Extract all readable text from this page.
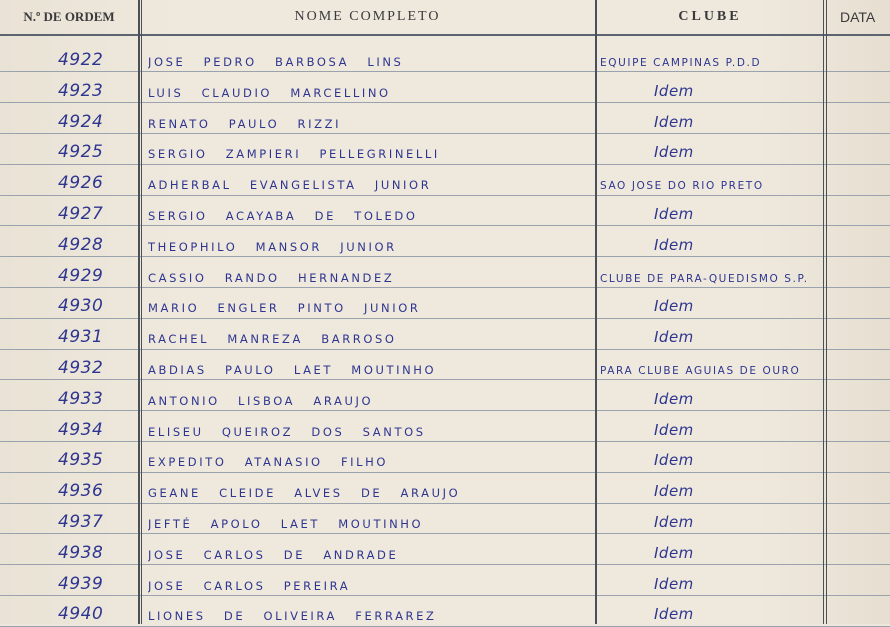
N.º DE ORDEM	NOME COMPLETO	CLUBE	DATA
4922	JOSE PEDRO BARBOSA LINS	EQUIPE CAMPINAS P.D.D
4923	LUIS CLAUDIO MARCELLINO	Idem
4924	RENATO PAULO RIZZI	Idem
4925	SERGIO ZAMPIERI PELLEGRINELLI	Idem
4926	ADHERBAL EVANGELISTA JUNIOR	SÃO JOSE DO RIO PRETO
4927	SERGIO ACAYABA DE TOLEDO	Idem
4928	THEOPHILO MANSOR JUNIOR	Idem
4929	CASSIO RANDO HERNANDEZ	CLUBE DE PARA-QUEDISMO S.P.
4930	MARIO ENGLER PINTO JUNIOR	Idem
4931	RACHEL MANREZA BARROSO	Idem
4932	ABDIAS PAULO LAET MOUTINHO	PARA CLUBE AGUIAS DE OURO
4933	ANTONIO LISBOA ARAUJO	Idem
4934	ELISEU QUEIROZ DOS SANTOS	Idem
4935	EXPEDITO ATANASIO FILHO	Idem
4936	GEANE CLEIDE ALVES DE ARAUJO	Idem
4937	JEFTÉ APOLO LAET MOUTINHO	Idem
4938	JOSE CARLOS DE ANDRADE	Idem
4939	JOSE CARLOS PEREIRA	Idem
4940	LIONES DE OLIVEIRA FERRAREZ	Idem
